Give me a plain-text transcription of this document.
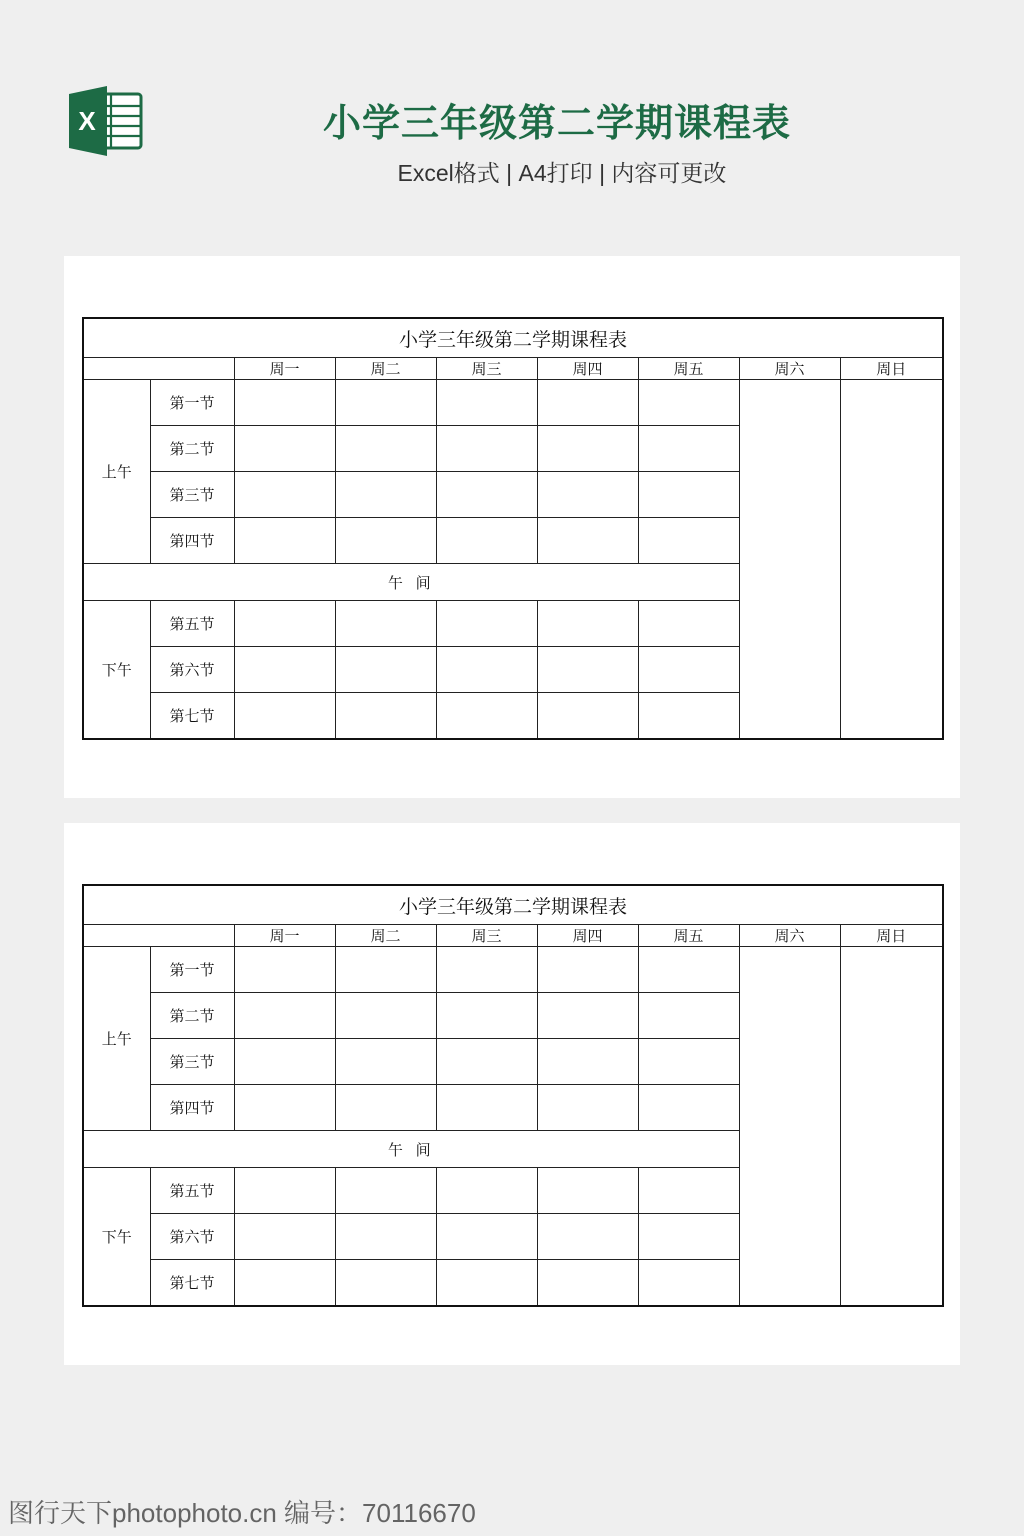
X	小学三年级第二学期课程表
Excel格式 | A4打印 | 内容可更改
小学三年级第二学期课程表								
		周一	周二	周三	周四	周五	周六	周日
上午	第一节							
	第二节							
	第三节							
	第四节							
午 间								
下午	第五节							
	第六节							
	第七节							
小学三年级第二学期课程表								
		周一	周二	周三	周四	周五	周六	周日
上午	第一节							
	第二节							
	第三节							
	第四节							
午 间								
下午	第五节							
	第六节							
	第七节							
图行天下photophoto.cn 编号：70116670
